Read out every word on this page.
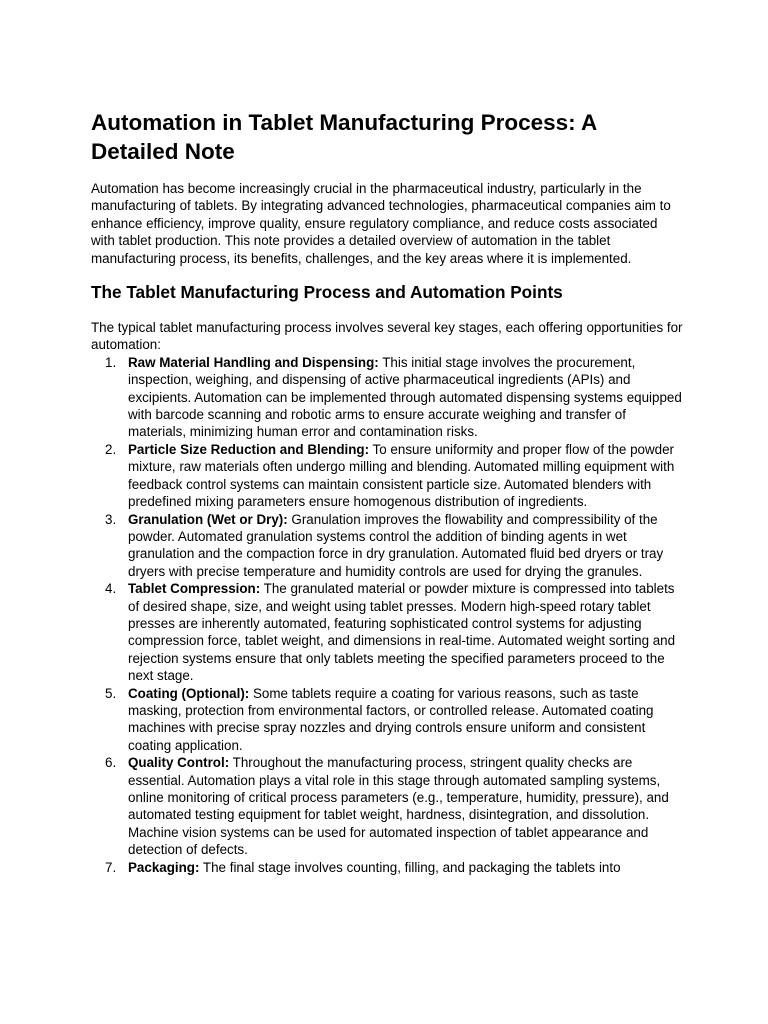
Automation in Tablet Manufacturing Process: A Detailed Note

Automation has become increasingly crucial in the pharmaceutical industry, particularly in the manufacturing of tablets. By integrating advanced technologies, pharmaceutical companies aim to enhance efficiency, improve quality, ensure regulatory compliance, and reduce costs associated with tablet production. This note provides a detailed overview of automation in the tablet manufacturing process, its benefits, challenges, and the key areas where it is implemented.

The Tablet Manufacturing Process and Automation Points

The typical tablet manufacturing process involves several key stages, each offering opportunities for automation:

1. Raw Material Handling and Dispensing: This initial stage involves the procurement, inspection, weighing, and dispensing of active pharmaceutical ingredients (APIs) and excipients. Automation can be implemented through automated dispensing systems equipped with barcode scanning and robotic arms to ensure accurate weighing and transfer of materials, minimizing human error and contamination risks.
2. Particle Size Reduction and Blending: To ensure uniformity and proper flow of the powder mixture, raw materials often undergo milling and blending. Automated milling equipment with feedback control systems can maintain consistent particle size. Automated blenders with predefined mixing parameters ensure homogenous distribution of ingredients.
3. Granulation (Wet or Dry): Granulation improves the flowability and compressibility of the powder. Automated granulation systems control the addition of binding agents in wet granulation and the compaction force in dry granulation. Automated fluid bed dryers or tray dryers with precise temperature and humidity controls are used for drying the granules.
4. Tablet Compression: The granulated material or powder mixture is compressed into tablets of desired shape, size, and weight using tablet presses. Modern high-speed rotary tablet presses are inherently automated, featuring sophisticated control systems for adjusting compression force, tablet weight, and dimensions in real-time. Automated weight sorting and rejection systems ensure that only tablets meeting the specified parameters proceed to the next stage.
5. Coating (Optional): Some tablets require a coating for various reasons, such as taste masking, protection from environmental factors, or controlled release. Automated coating machines with precise spray nozzles and drying controls ensure uniform and consistent coating application.
6. Quality Control: Throughout the manufacturing process, stringent quality checks are essential. Automation plays a vital role in this stage through automated sampling systems, online monitoring of critical process parameters (e.g., temperature, humidity, pressure), and automated testing equipment for tablet weight, hardness, disintegration, and dissolution. Machine vision systems can be used for automated inspection of tablet appearance and detection of defects.
7. Packaging: The final stage involves counting, filling, and packaging the tablets into
